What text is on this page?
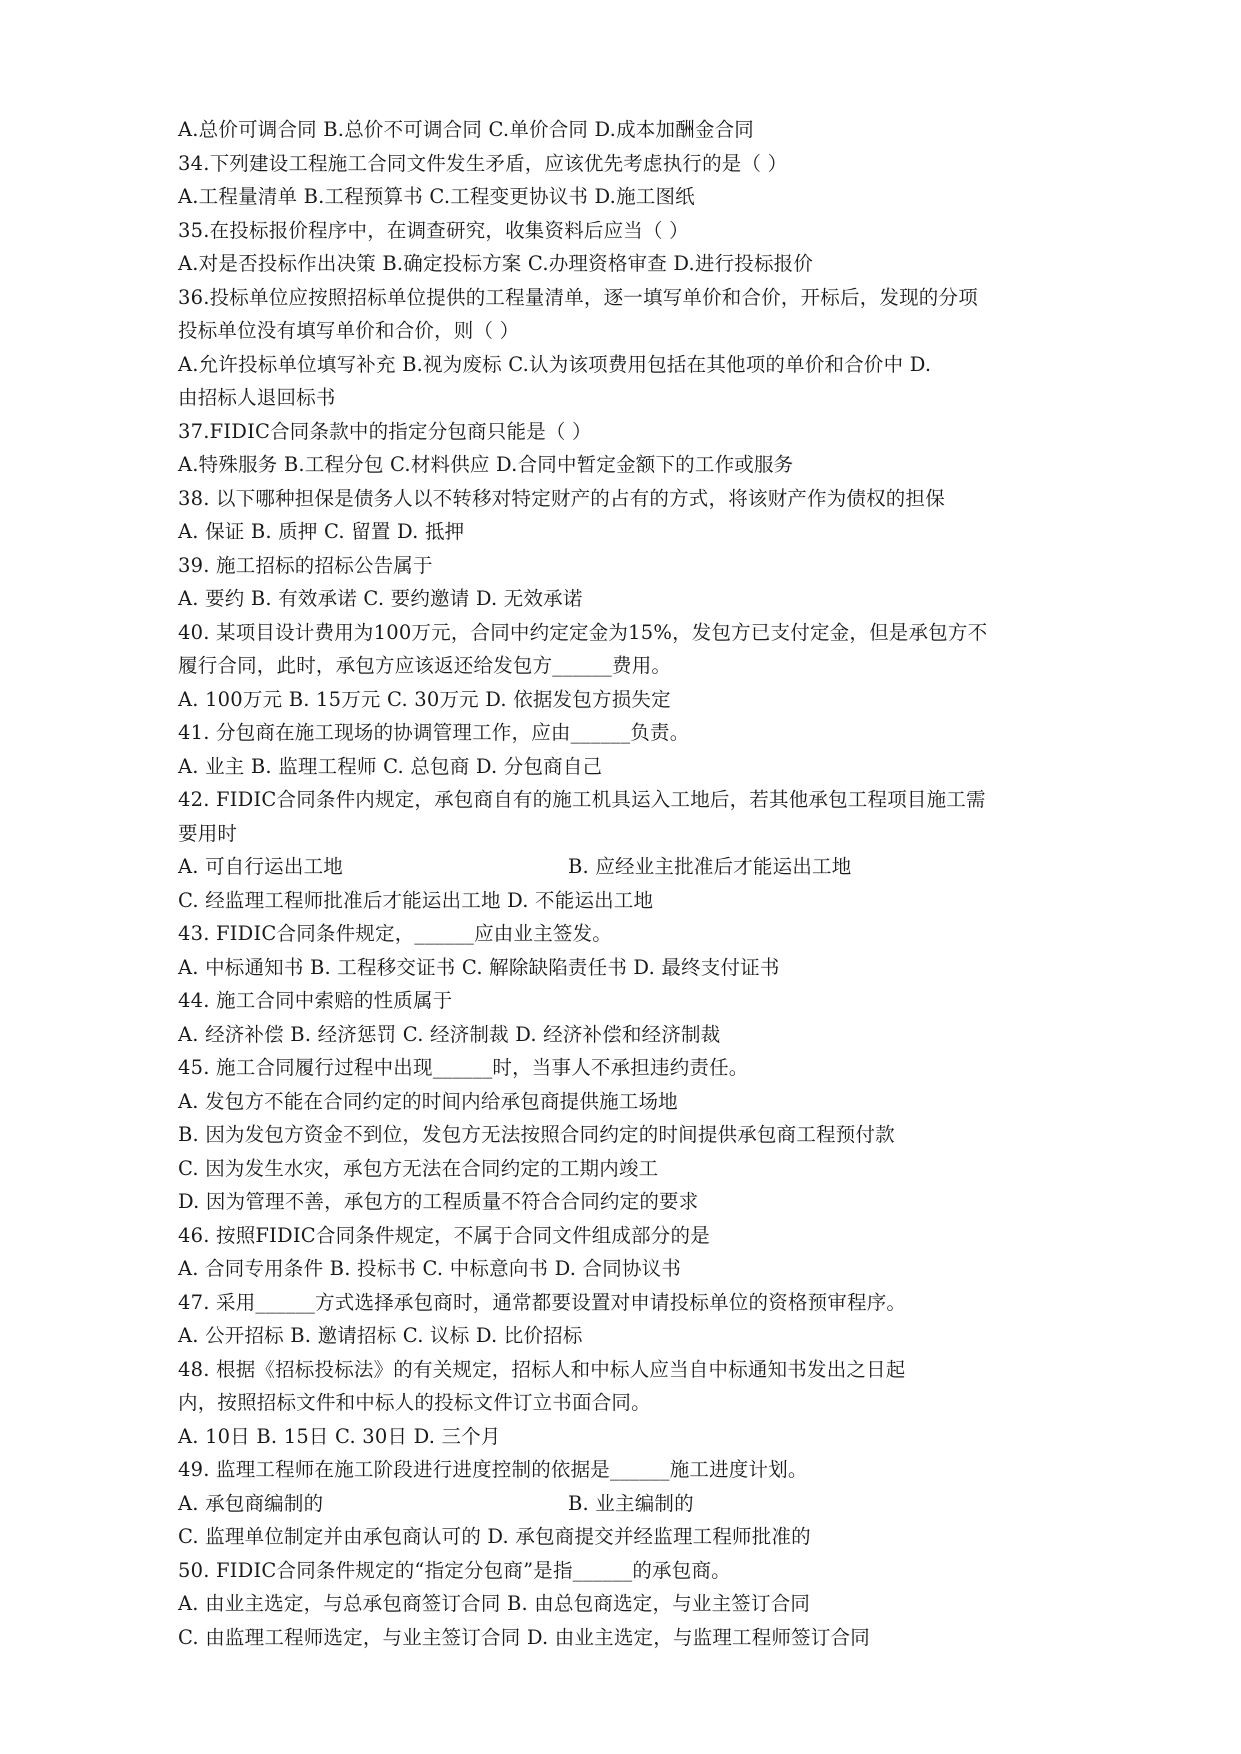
A.总价可调合同 B.总价不可调合同 C.单价合同 D.成本加酬金合同
34.下列建设工程施工合同文件发生矛盾，应该优先考虑执行的是（ ）
A.工程量清单 B.工程预算书 C.工程变更协议书 D.施工图纸
35.在投标报价程序中，在调查研究，收集资料后应当（ ）
A.对是否投标作出决策 B.确定投标方案 C.办理资格审查 D.进行投标报价
36.投标单位应按照招标单位提供的工程量清单，逐一填写单价和合价，开标后，发现的分项
投标单位没有填写单价和合价，则（ ）
A.允许投标单位填写补充 B.视为废标 C.认为该项费用包括在其他项的单价和合价中 D.
由招标人退回标书
37.FIDIC合同条款中的指定分包商只能是（ ）
A.特殊服务 B.工程分包 C.材料供应 D.合同中暂定金额下的工作或服务
38. 以下哪种担保是债务人以不转移对特定财产的占有的方式，将该财产作为债权的担保
A. 保证 B. 质押 C. 留置 D. 抵押
39. 施工招标的招标公告属于
A. 要约 B. 有效承诺 C. 要约邀请 D. 无效承诺
40. 某项目设计费用为100万元，合同中约定定金为15%，发包方已支付定金，但是承包方不
履行合同，此时，承包方应该返还给发包方______费用。
A. 100万元 B. 15万元 C. 30万元 D. 依据发包方损失定
41. 分包商在施工现场的协调管理工作，应由______负责。
A. 业主 B. 监理工程师 C. 总包商 D. 分包商自己
42. FIDIC合同条件内规定，承包商自有的施工机具运入工地后，若其他承包工程项目施工需
要用时
A. 可自行运出工地	B. 应经业主批准后才能运出工地
C. 经监理工程师批准后才能运出工地 D. 不能运出工地
43. FIDIC合同条件规定，______应由业主签发。
A. 中标通知书 B. 工程移交证书 C. 解除缺陷责任书 D. 最终支付证书
44. 施工合同中索赔的性质属于
A. 经济补偿 B. 经济惩罚 C. 经济制裁 D. 经济补偿和经济制裁
45. 施工合同履行过程中出现______时，当事人不承担违约责任。
A. 发包方不能在合同约定的时间内给承包商提供施工场地
B. 因为发包方资金不到位，发包方无法按照合同约定的时间提供承包商工程预付款
C. 因为发生水灾，承包方无法在合同约定的工期内竣工
D. 因为管理不善，承包方的工程质量不符合合同约定的要求
46. 按照FIDIC合同条件规定，不属于合同文件组成部分的是
A. 合同专用条件 B. 投标书 C. 中标意向书 D. 合同协议书
47. 采用______方式选择承包商时，通常都要设置对申请投标单位的资格预审程序。
A. 公开招标 B. 邀请招标 C. 议标 D. 比价招标
48. 根据《招标投标法》的有关规定，招标人和中标人应当自中标通知书发出之日起
内，按照招标文件和中标人的投标文件订立书面合同。
A. 10日 B. 15日 C. 30日 D. 三个月
49. 监理工程师在施工阶段进行进度控制的依据是______施工进度计划。
A. 承包商编制的	B. 业主编制的
C. 监理单位制定并由承包商认可的 D. 承包商提交并经监理工程师批准的
50. FIDIC合同条件规定的“指定分包商”是指______的承包商。
A. 由业主选定，与总承包商签订合同 B. 由总包商选定，与业主签订合同
C. 由监理工程师选定，与业主签订合同 D. 由业主选定，与监理工程师签订合同
